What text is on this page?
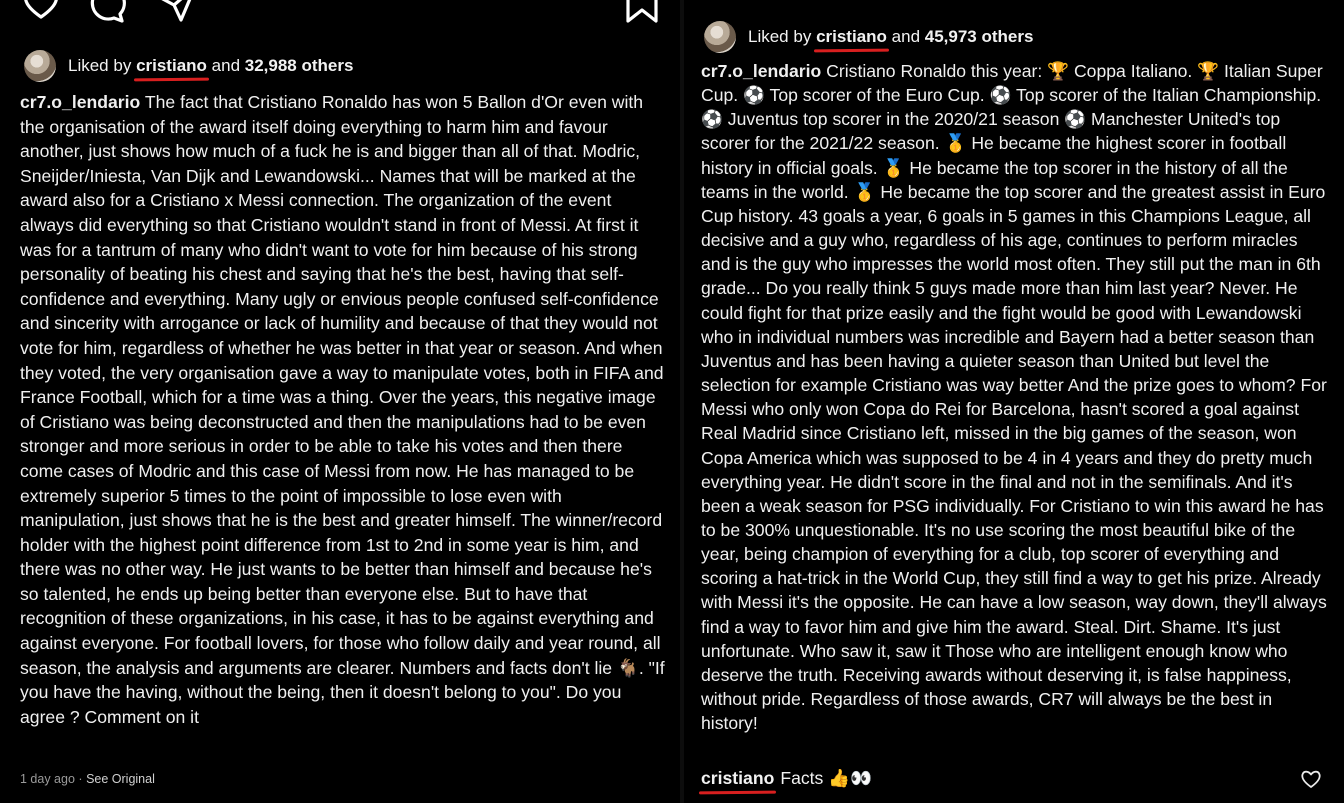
Liked by
cristiano
and
32,988 others
cr7.o_lendario The fact that Cristiano Ronaldo has won 5 Ballon d'Or even with the organisation of the award itself doing everything to harm him and favour another, just shows how much of a fuck he is and bigger than all of that. Modric, Sneijder/Iniesta, Van Dijk and Lewandowski... Names that will be marked at the award also for a Cristiano x Messi connection. The organization of the event always did everything so that Cristiano wouldn't stand in front of Messi. At first it was for a tantrum of many who didn't want to vote for him because of his strong personality of beating his chest and saying that he's the best, having that self-confidence and everything. Many ugly or envious people confused self-confidence and sincerity with arrogance or lack of humility and because of that they would not vote for him, regardless of whether he was better in that year or season. And when they voted, the very organisation gave a way to manipulate votes, both in FIFA and France Football, which for a time was a thing. Over the years, this negative image of Cristiano was being deconstructed and then the manipulations had to be even stronger and more serious in order to be able to take his votes and then there come cases of Modric and this case of Messi from now. He has managed to be extremely superior 5 times to the point of impossible to lose even with manipulation, just shows that he is the best and greater himself. The winner/record holder with the highest point difference from 1st to 2nd in some year is him, and there was no other way. He just wants to be better than himself and because he's so talented, he ends up being better than everyone else. But to have that recognition of these organizations, in his case, it has to be against everything and against everyone. For football lovers, for those who follow daily and year round, all season, the analysis and arguments are clearer. Numbers and facts don't lie 🐐. "If you have the having, without the being, then it doesn't belong to you". Do you agree ? Comment on it
1 day ago · See Original
Liked by
cristiano
and
45,973 others
cr7.o_lendario Cristiano Ronaldo this year: 🏆 Coppa Italiano. 🏆 Italian Super Cup. ⚽ Top scorer of the Euro Cup. ⚽ Top scorer of the Italian Championship. ⚽ Juventus top scorer in the 2020/21 season ⚽ Manchester United's top scorer for the 2021/22 season. 🥇 He became the highest scorer in football history in official goals. 🥇 He became the top scorer in the history of all the teams in the world. 🥇 He became the top scorer and the greatest assist in Euro Cup history. 43 goals a year, 6 goals in 5 games in this Champions League, all decisive and a guy who, regardless of his age, continues to perform miracles and is the guy who impresses the world most often. They still put the man in 6th grade... Do you really think 5 guys made more than him last year? Never. He could fight for that prize easily and the fight would be good with Lewandowski who in individual numbers was incredible and Bayern had a better season than Juventus and has been having a quieter season than United but level the selection for example Cristiano was way better And the prize goes to whom? For Messi who only won Copa do Rei for Barcelona, hasn't scored a goal against Real Madrid since Cristiano left, missed in the big games of the season, won Copa America which was supposed to be 4 in 4 years and they do pretty much everything year. He didn't score in the final and not in the semifinals. And it's been a weak season for PSG individually. For Cristiano to win this award he has to be 300% unquestionable. It's no use scoring the most beautiful bike of the year, being champion of everything for a club, top scorer of everything and scoring a hat-trick in the World Cup, they still find a way to get his prize. Already with Messi it's the opposite. He can have a low season, way down, they'll always find a way to favor him and give him the award. Steal. Dirt. Shame. It's just unfortunate. Who saw it, saw it Those who are intelligent enough know who deserve the truth. Receiving awards without deserving it, is false happiness, without pride. Regardless of those awards, CR7 will always be the best in history!
cristiano Facts 👍👀
